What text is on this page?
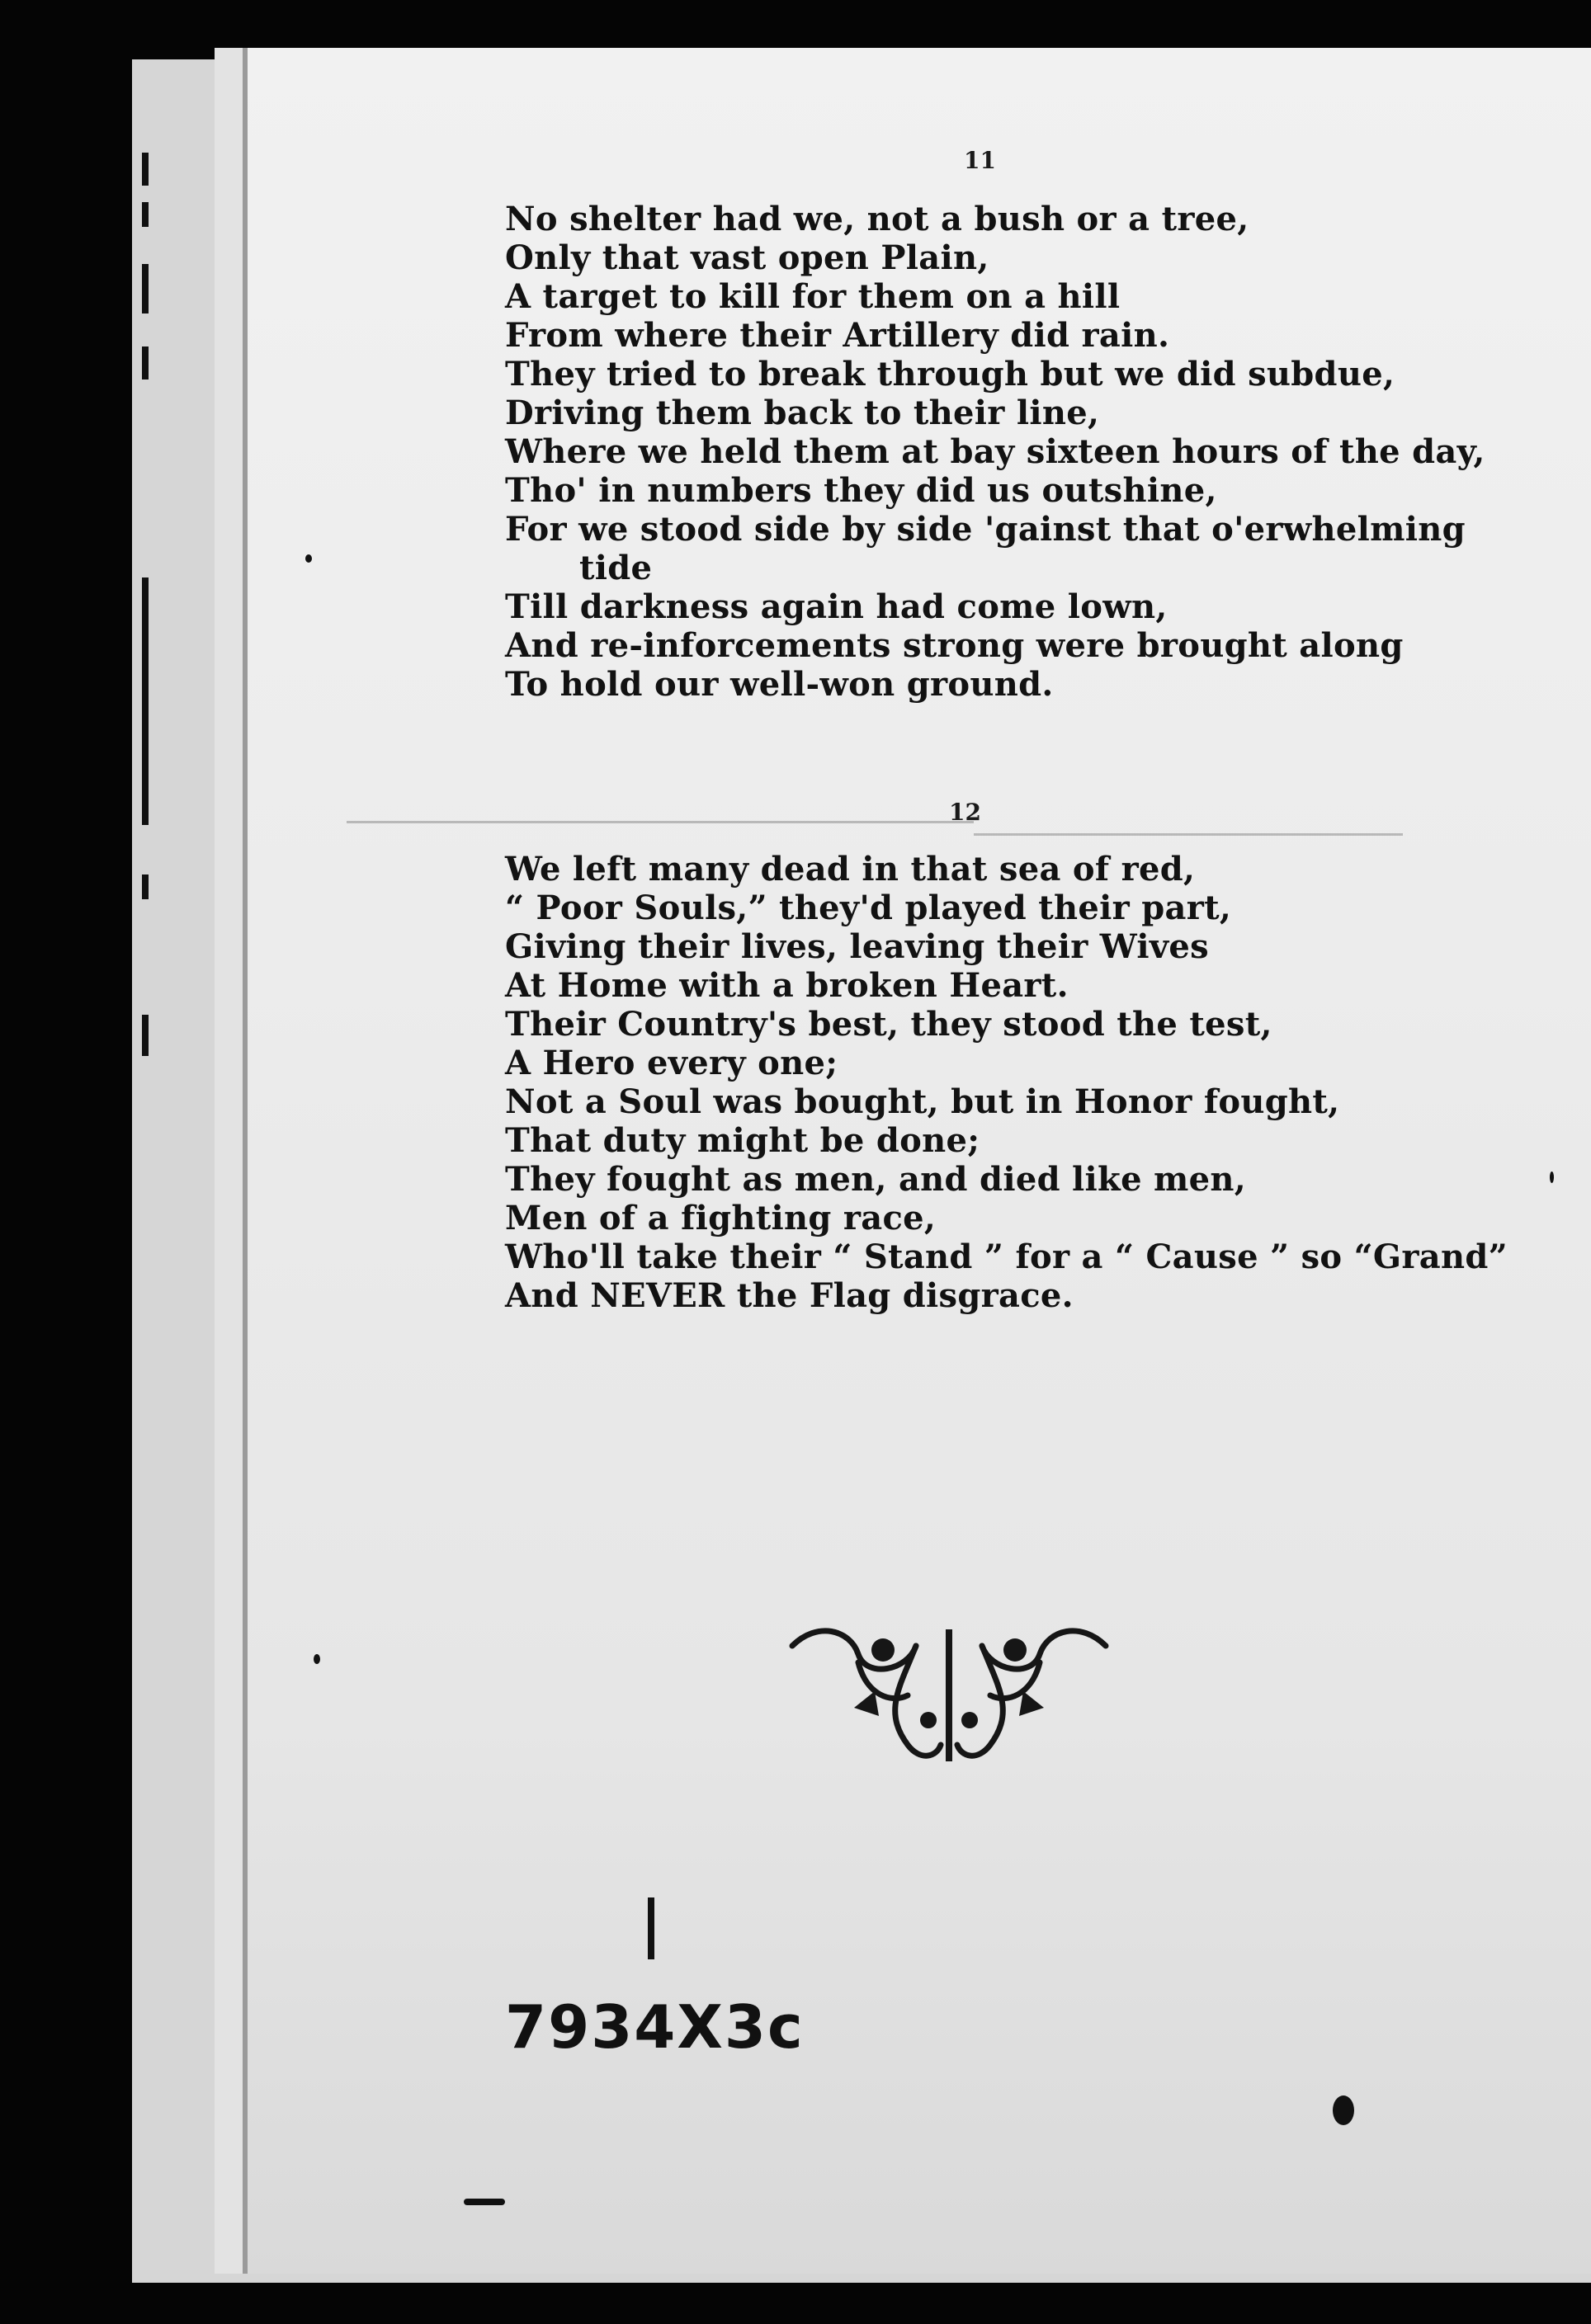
11
No shelter had we, not a bush or a tree,
Only that vast open Plain,
A target to kill for them on a hill
From where their Artillery did rain.
They tried to break through but we did subdue,
Driving them back to their line,
Where we held them at bay sixteen hours of the day,
Tho' in numbers they did us outshine,
For we stood side by side 'gainst that o'erwhelming
tide
Till darkness again had come lown,
And re-inforcements strong were brought along
To hold our well-won ground.
12
We left many dead in that sea of red,
“ Poor Souls,” they'd played their part,
Giving their lives, leaving their Wives
At Home with a broken Heart.
Their Country's best, they stood the test,
A Hero every one;
Not a Soul was bought, but in Honor fought,
That duty might be done;
They fought as men, and died like men,
Men of a fighting race,
Who'll take their “ Stand ” for a “ Cause ” so “Grand”
And NEVER the Flag disgrace.
7934X3c
